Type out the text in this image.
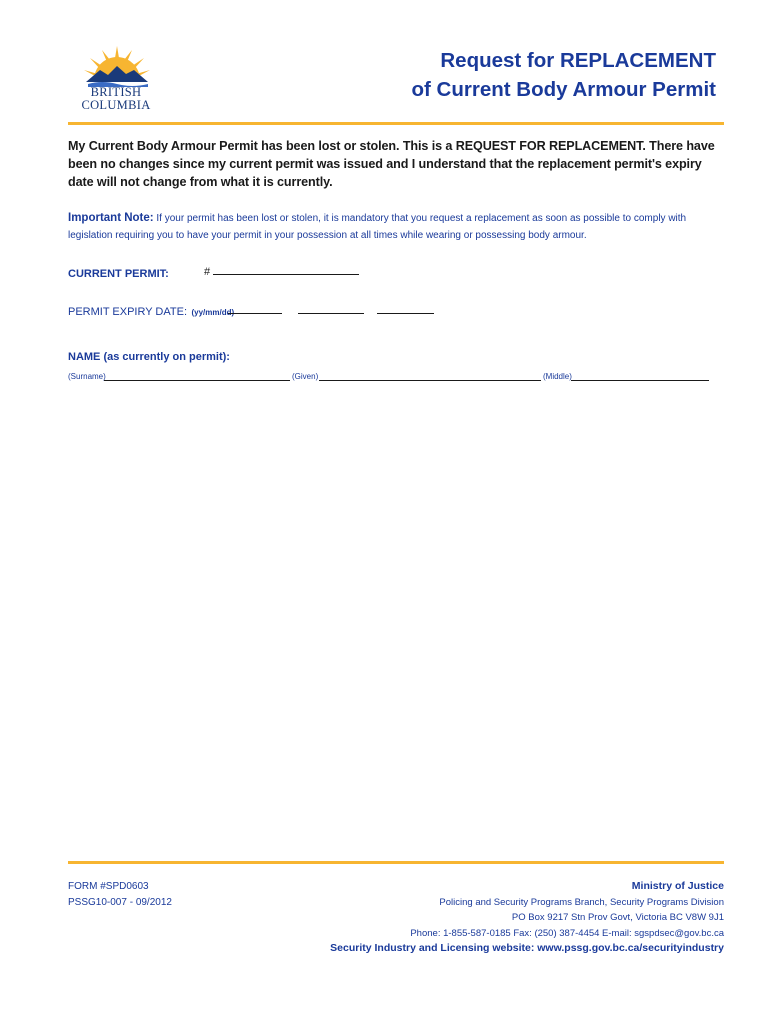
BRITISH
COLUMBIA
Request for REPLACEMENT
of Current Body Armour Permit
My Current Body Armour Permit has been lost or stolen. This is a REQUEST FOR REPLACEMENT. There have been no changes since my current permit was issued and I understand that the replacement permit's expiry date will not change from what it is currently.
Important Note: If your permit has been lost or stolen, it is mandatory that you request a replacement as soon as possible to comply with legislation requiring you to have your permit in your possession at all times while wearing or possessing body armour.
CURRENT PERMIT:	#
PERMIT EXPIRY DATE: (yy/mm/dd)
NAME (as currently on permit):
(Surname)	(Given)	(Middle)
FORM #SPD0603
PSSG10-007 - 09/2012
Ministry of Justice
Policing and Security Programs Branch, Security Programs Division
PO Box 9217 Stn Prov Govt, Victoria BC V8W 9J1
Phone: 1-855-587-0185 Fax: (250) 387-4454 E-mail: sgspdsec@gov.bc.ca
Security Industry and Licensing website: www.pssg.gov.bc.ca/securityindustry
